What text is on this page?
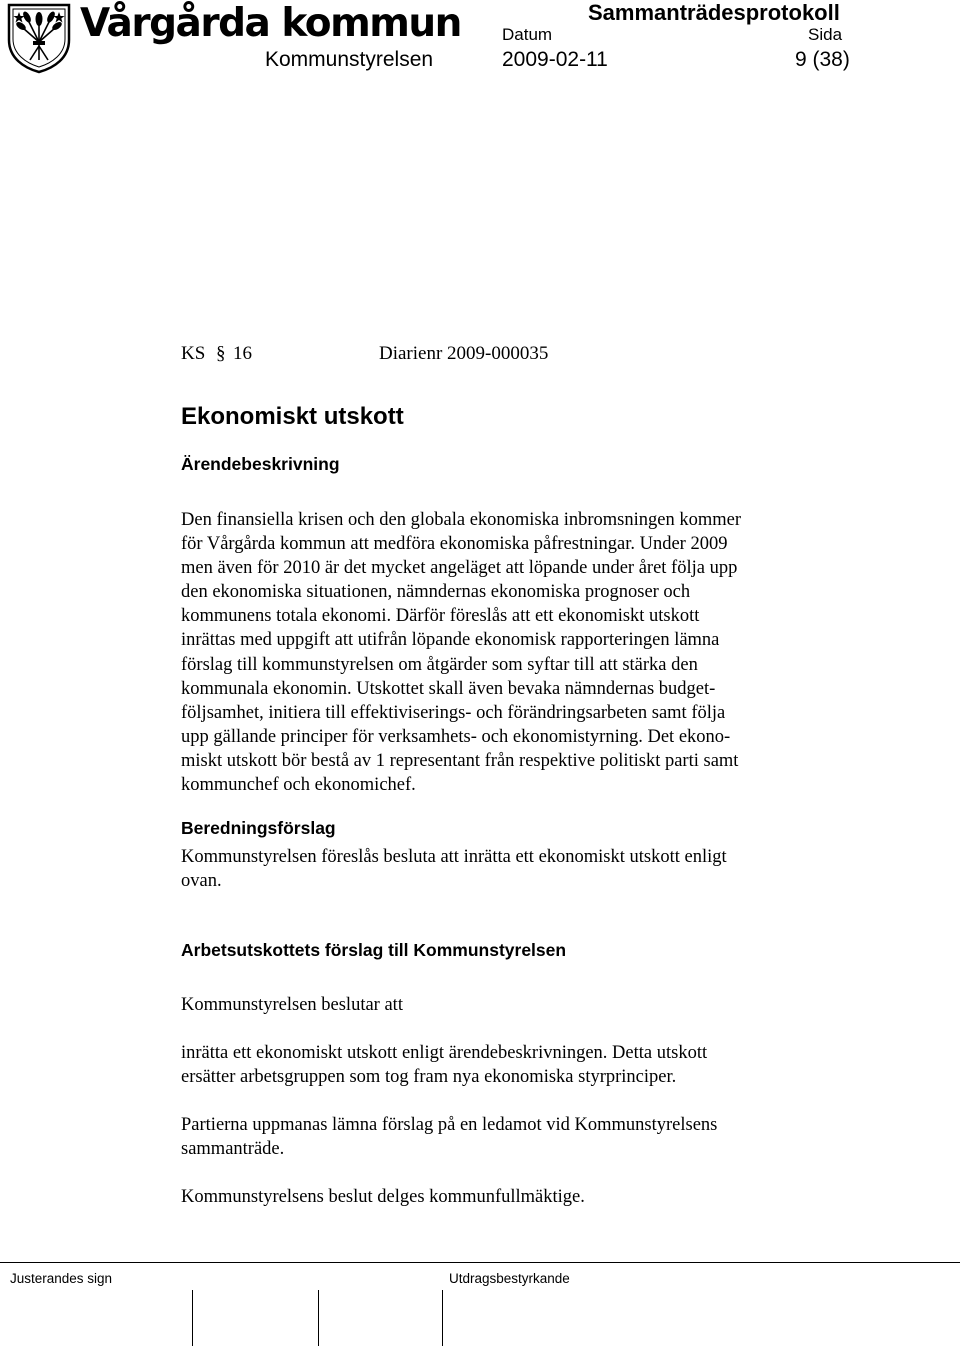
Vårgårda kommun	Sammanträdesprotokoll
Datum	Sida
Kommunstyrelsen	2009-02-11	9 (38)
KS § 16	Diarienr 2009-000035
Ekonomiskt utskott
Ärendebeskrivning
Den finansiella krisen och den globala ekonomiska inbromsningen kommer
för Vårgårda kommun att medföra ekonomiska påfrestningar. Under 2009
men även för 2010 är det mycket angeläget att löpande under året följa upp
den ekonomiska situationen, nämndernas ekonomiska prognoser och
kommunens totala ekonomi. Därför föreslås att ett ekonomiskt utskott
inrättas med uppgift att utifrån löpande ekonomisk rapporteringen lämna
förslag till kommunstyrelsen om åtgärder som syftar till att stärka den
kommunala ekonomin. Utskottet skall även bevaka nämndernas budget-
följsamhet, initiera till effektiviserings- och förändringsarbeten samt följa
upp gällande principer för verksamhets- och ekonomistyrning. Det ekono-
miskt utskott bör bestå av 1 representant från respektive politiskt parti samt
kommunchef och ekonomichef.
Beredningsförslag
Kommunstyrelsen föreslås besluta att inrätta ett ekonomiskt utskott enligt
ovan.
Arbetsutskottets förslag till Kommunstyrelsen
Kommunstyrelsen beslutar att
inrätta ett ekonomiskt utskott enligt ärendebeskrivningen. Detta utskott
ersätter arbetsgruppen som tog fram nya ekonomiska styrprinciper.
Partierna uppmanas lämna förslag på en ledamot vid Kommunstyrelsens
sammanträde.
Kommunstyrelsens beslut delges kommunfullmäktige.
Justerandes sign	Utdragsbestyrkande
